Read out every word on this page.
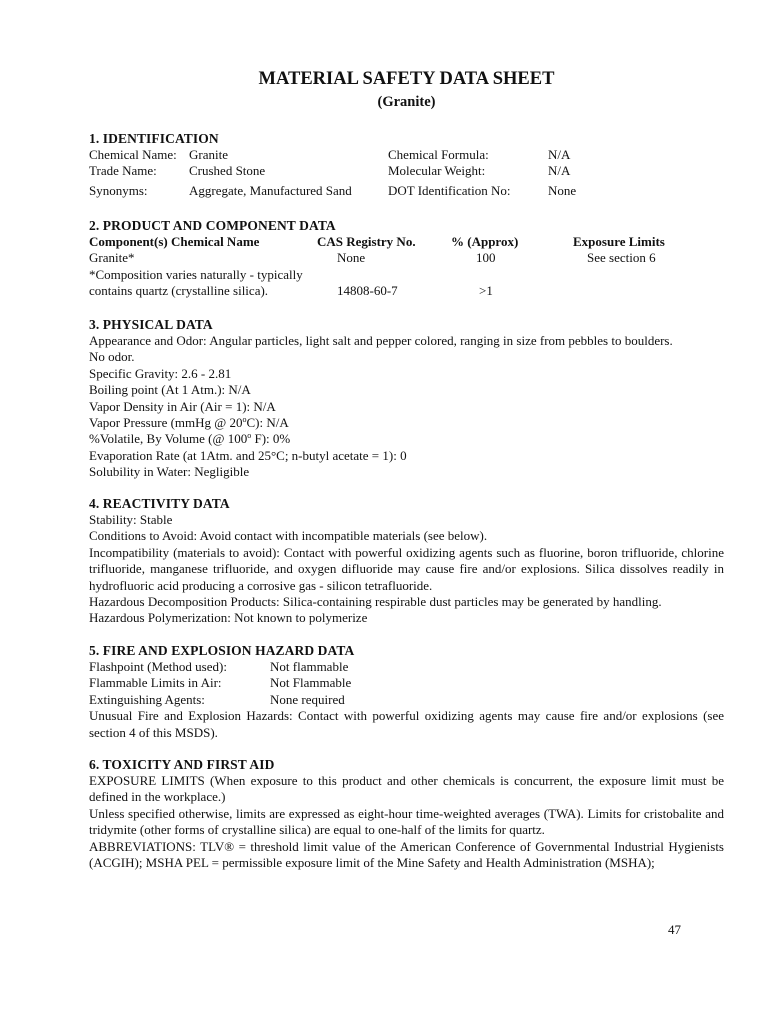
MATERIAL SAFETY DATA SHEET
(Granite)
1. IDENTIFICATION
Chemical Name: Granite	Chemical Formula:	N/A
Trade Name: Crushed Stone	Molecular Weight:	N/A
Synonyms:	Aggregate, Manufactured Sand	DOT Identification No:	None
2. PRODUCT AND COMPONENT DATA
Component(s) Chemical Name	CAS Registry No.	% (Approx)	Exposure Limits
Granite*	None	100	See section 6
*Composition varies naturally - typically
contains quartz (crystalline silica).	14808-60-7	>1
3. PHYSICAL DATA
Appearance and Odor: Angular particles, light salt and pepper colored, ranging in size from pebbles to boulders.
No odor.
Specific Gravity: 2.6 - 2.81
Boiling point (At 1 Atm.): N/A
Vapor Density in Air (Air = 1): N/A
Vapor Pressure (mmHg @ 20$^o$C): N/A
%Volatile, By Volume (@ 100$^o$ F): 0%
Evaporation Rate (at 1Atm. and 25°C; n-butyl acetate = 1): 0
Solubility in Water: Negligible
4. REACTIVITY DATA
Stability: Stable
Conditions to Avoid: Avoid contact with incompatible materials (see below).
Incompatibility (materials to avoid): Contact with powerful oxidizing agents such as fluorine, boron trifluoride, chlorine trifluoride, manganese trifluoride, and oxygen difluoride may cause fire and/or explosions. Silica dissolves readily in hydrofluoric acid producing a corrosive gas - silicon tetrafluoride.
Hazardous Decomposition Products: Silica-containing respirable dust particles may be generated by handling.
Hazardous Polymerization: Not known to polymerize
5. FIRE AND EXPLOSION HAZARD DATA
Flashpoint (Method used):	Not flammable
Flammable Limits in Air:	Not Flammable
Extinguishing Agents:	None required
Unusual Fire and Explosion Hazards: Contact with powerful oxidizing agents may cause fire and/or explosions (see section 4 of this MSDS).
6. TOXICITY AND FIRST AID
EXPOSURE LIMITS (When exposure to this product and other chemicals is concurrent, the exposure limit must be defined in the workplace.)
Unless specified otherwise, limits are expressed as eight-hour time-weighted averages (TWA). Limits for cristobalite and tridymite (other forms of crystalline silica) are equal to one-half of the limits for quartz.
ABBREVIATIONS: TLV® = threshold limit value of the American Conference of Governmental Industrial Hygienists (ACGIH); MSHA PEL = permissible exposure limit of the Mine Safety and Health Administration (MSHA);
47
